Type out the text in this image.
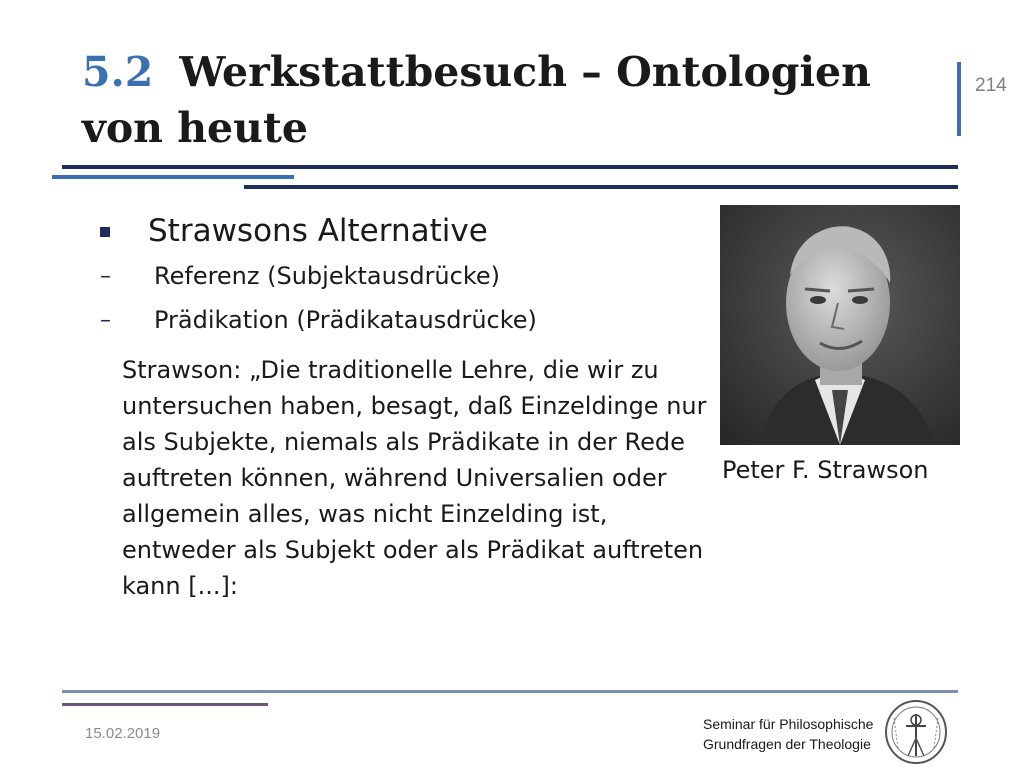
5.2 Werkstattbesuch – Ontologien
von heute
214
Strawsons Alternative
–	Referenz (Subjektausdrücke)
–	Prädikation (Prädikatausdrücke)

Strawson: „Die traditionelle Lehre, die wir zu untersuchen haben, besagt, daß Einzeldinge nur als Subjekte, niemals als Prädikate in der Rede auftreten können, während Universalien oder allgemein alles, was nicht Einzelding ist, entweder als Subjekt oder als Prädikat auftreten kann [...]:

Peter F. Strawson
15.02.2019
Seminar für Philosophische
Grundfragen der Theologie
